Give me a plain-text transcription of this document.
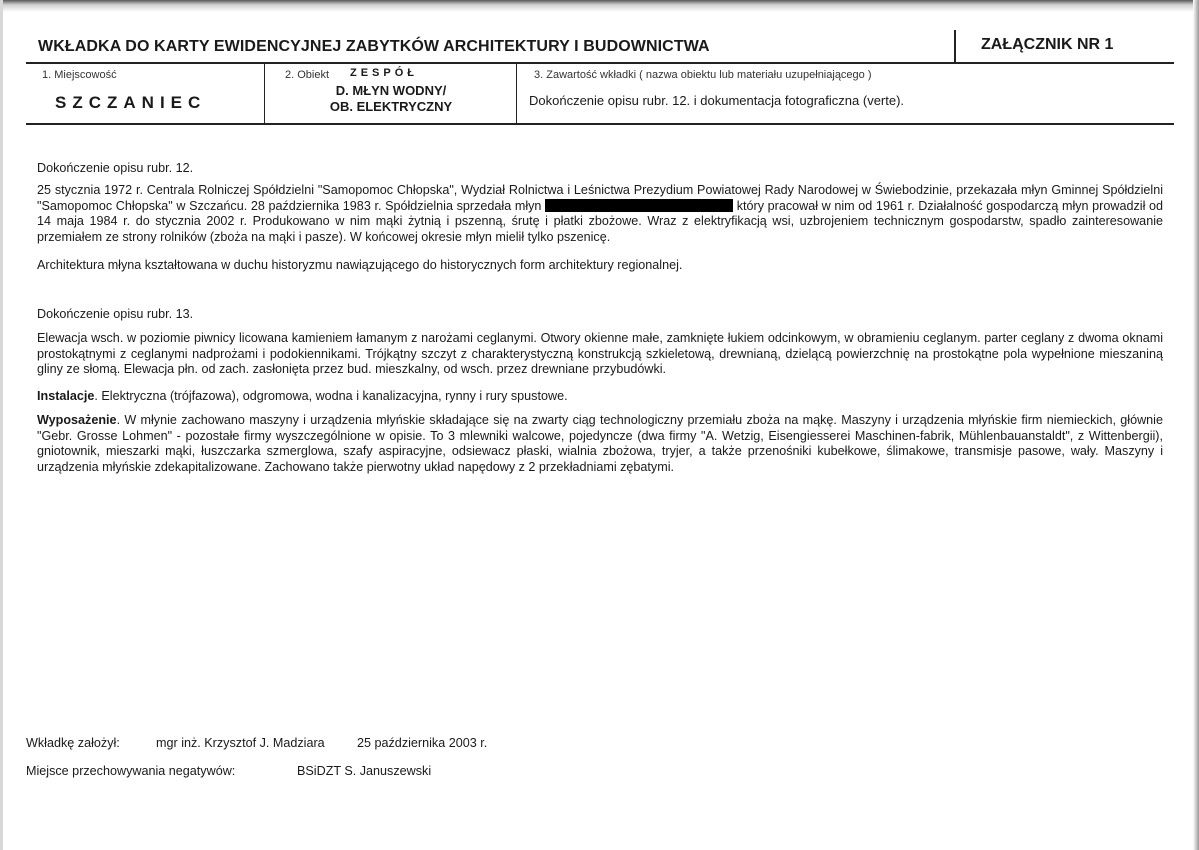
WKŁADKA DO KARTY EWIDENCYJNEJ ZABYTKÓW ARCHITEKTURY I BUDOWNICTWA	ZAŁĄCZNIK NR 1
1. Miejscowość
SZCZANIEC
2. Obiekt ZESPÓŁ
D. MŁYN WODNY/
OB. ELEKTRYCZNY
3. Zawartość wkładki ( nazwa obiektu lub materiału uzupełniającego )
Dokończenie opisu rubr. 12. i dokumentacja fotograficzna (verte).
Dokończenie opisu rubr. 12.
25 stycznia 1972 r. Centrala Rolniczej Spółdzielni "Samopomoc Chłopska", Wydział Rolnictwa i Leśnictwa Prezydium Powiatowej Rady Narodowej w Świebodzinie, przekazała młyn Gminnej Spółdzielni "Samopomoc Chłopska" w Szczańcu. 28 października 1983 r. Spółdzielnia sprzedała młyn	który pracował w nim od 1961 r. Działalność gospodarczą młyn prowadził od 14 maja 1984 r. do stycznia 2002 r. Produkowano w nim mąki żytnią i pszenną, śrutę i płatki zbożowe. Wraz z elektryfikacją wsi, uzbrojeniem technicznym gospodarstw, spadło zainteresowanie przemiałem ze strony rolników (zboża na mąki i pasze). W końcowej okresie młyn mielił tylko pszenicę.
Architektura młyna kształtowana w duchu historyzmu nawiązującego do historycznych form architektury regionalnej.
Dokończenie opisu rubr. 13.
Elewacja wsch. w poziomie piwnicy licowana kamieniem łamanym z narożami ceglanymi. Otwory okienne małe, zamknięte łukiem odcinkowym, w obramieniu ceglanym. parter ceglany z dwoma oknami prostokątnymi z ceglanymi nadprożami i podokiennikami. Trójkątny szczyt z charakterystyczną konstrukcją szkieletową, drewnianą, dzielącą powierzchnię na prostokątne pola wypełnione mieszaniną gliny ze słomą. Elewacja płn. od zach. zasłonięta przez bud. mieszkalny, od wsch. przez drewniane przybudówki.
Instalacje. Elektryczna (trójfazowa), odgromowa, wodna i kanalizacyjna, rynny i rury spustowe.
Wyposażenie. W młynie zachowano maszyny i urządzenia młyńskie składające się na zwarty ciąg technologiczny przemiału zboża na mąkę. Maszyny i urządzenia młyńskie firm niemieckich, głównie "Gebr. Grosse Lohmen" - pozostałe firmy wyszczególnione w opisie. To 3 mlewniki walcowe, pojedyncze (dwa firmy "A. Wetzig, Eisengiesserei Maschinen-fabrik, Mühlenbauanstaldt", z Wittenbergii), gniotownik, mieszarki mąki, łuszczarka szmerglowa, szafy aspiracyjne, odsiewacz płaski, wialnia zbożowa, tryjer, a także przenośniki kubełkowe, ślimakowe, transmisje pasowe, wały. Maszyny i urządzenia młyńskie zdekapitalizowane. Zachowano także pierwotny układ napędowy z 2 przekładniami zębatymi.
Wkładkę założył:	mgr inż. Krzysztof J. Madziara	25 października 2003 r.
Miejsce przechowywania negatywów:	BSiDZT S. Januszewski
